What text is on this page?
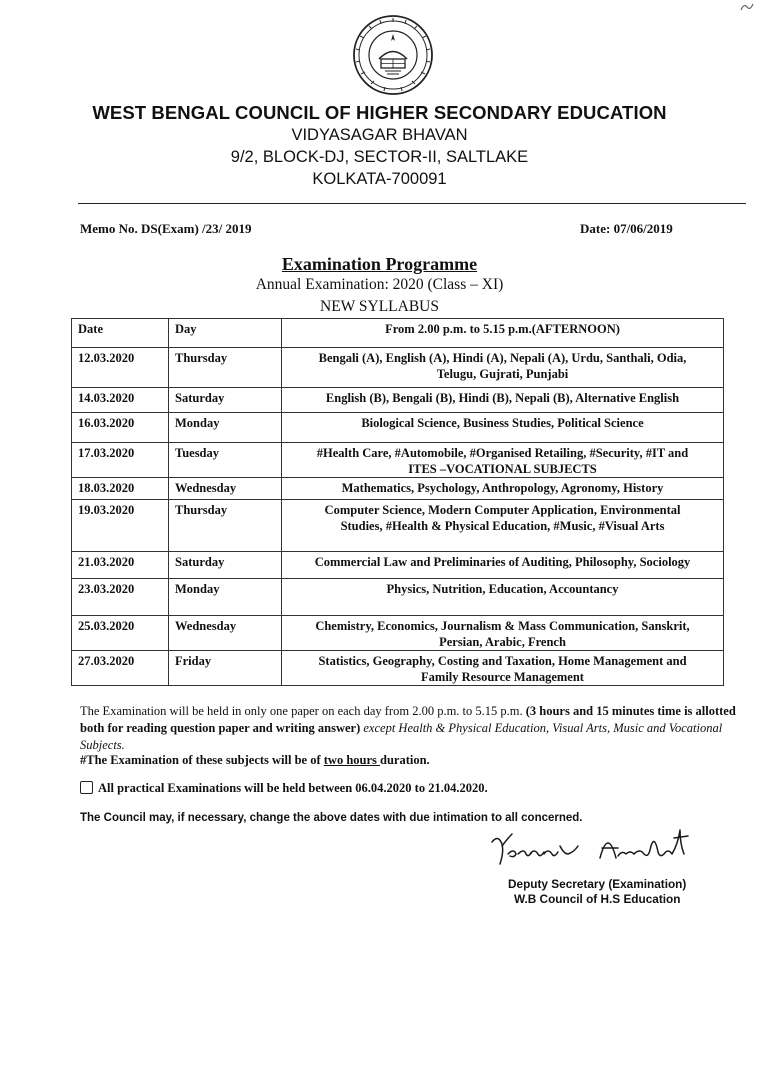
WEST BENGAL COUNCIL OF HIGHER SECONDARY EDUCATION
VIDYASAGAR BHAVAN
9/2, BLOCK-DJ, SECTOR-II, SALTLAKE
KOLKATA-700091
Memo No. DS(Exam) /23/ 2019	Date: 07/06/2019
Examination Programme
Annual Examination: 2020 (Class – XI)
NEW SYLLABUS
Date	Day	From 2.00 p.m. to 5.15 p.m.(AFTERNOON)
12.03.2020	Thursday	Bengali (A), English (A), Hindi (A), Nepali (A), Urdu, Santhali, Odia,
Telugu, Gujrati, Punjabi

14.03.2020	Saturday	English (B), Bengali (B), Hindi (B), Nepali (B), Alternative English

16.03.2020	Monday	Biological Science, Business Studies, Political Science

17.03.2020	Tuesday	#Health Care, #Automobile, #Organised Retailing, #Security, #IT and
ITES –VOCATIONAL SUBJECTS

18.03.2020	Wednesday	Mathematics, Psychology, Anthropology, Agronomy, History

19.03.2020	Thursday	Computer Science, Modern Computer Application, Environmental
Studies, #Health & Physical Education, #Music, #Visual Arts

21.03.2020	Saturday	Commercial Law and Preliminaries of Auditing, Philosophy, Sociology

23.03.2020	Monday	Physics, Nutrition, Education, Accountancy

25.03.2020	Wednesday	Chemistry, Economics, Journalism & Mass Communication, Sanskrit,
Persian, Arabic, French

27.03.2020	Friday	Statistics, Geography, Costing and Taxation, Home Management and
Family Resource Management
The Examination will be held in only one paper on each day from 2.00 p.m. to 5.15 p.m. (3 hours and 15 minutes time is allotted both for reading question paper and writing answer) except Health & Physical Education, Visual Arts, Music and Vocational Subjects.
#The Examination of these subjects will be of two hours duration.
All practical Examinations will be held between 06.04.2020 to 21.04.2020.
The Council may, if necessary, change the above dates with due intimation to all concerned.
Deputy Secretary (Examination)
W.B Council of H.S Education
